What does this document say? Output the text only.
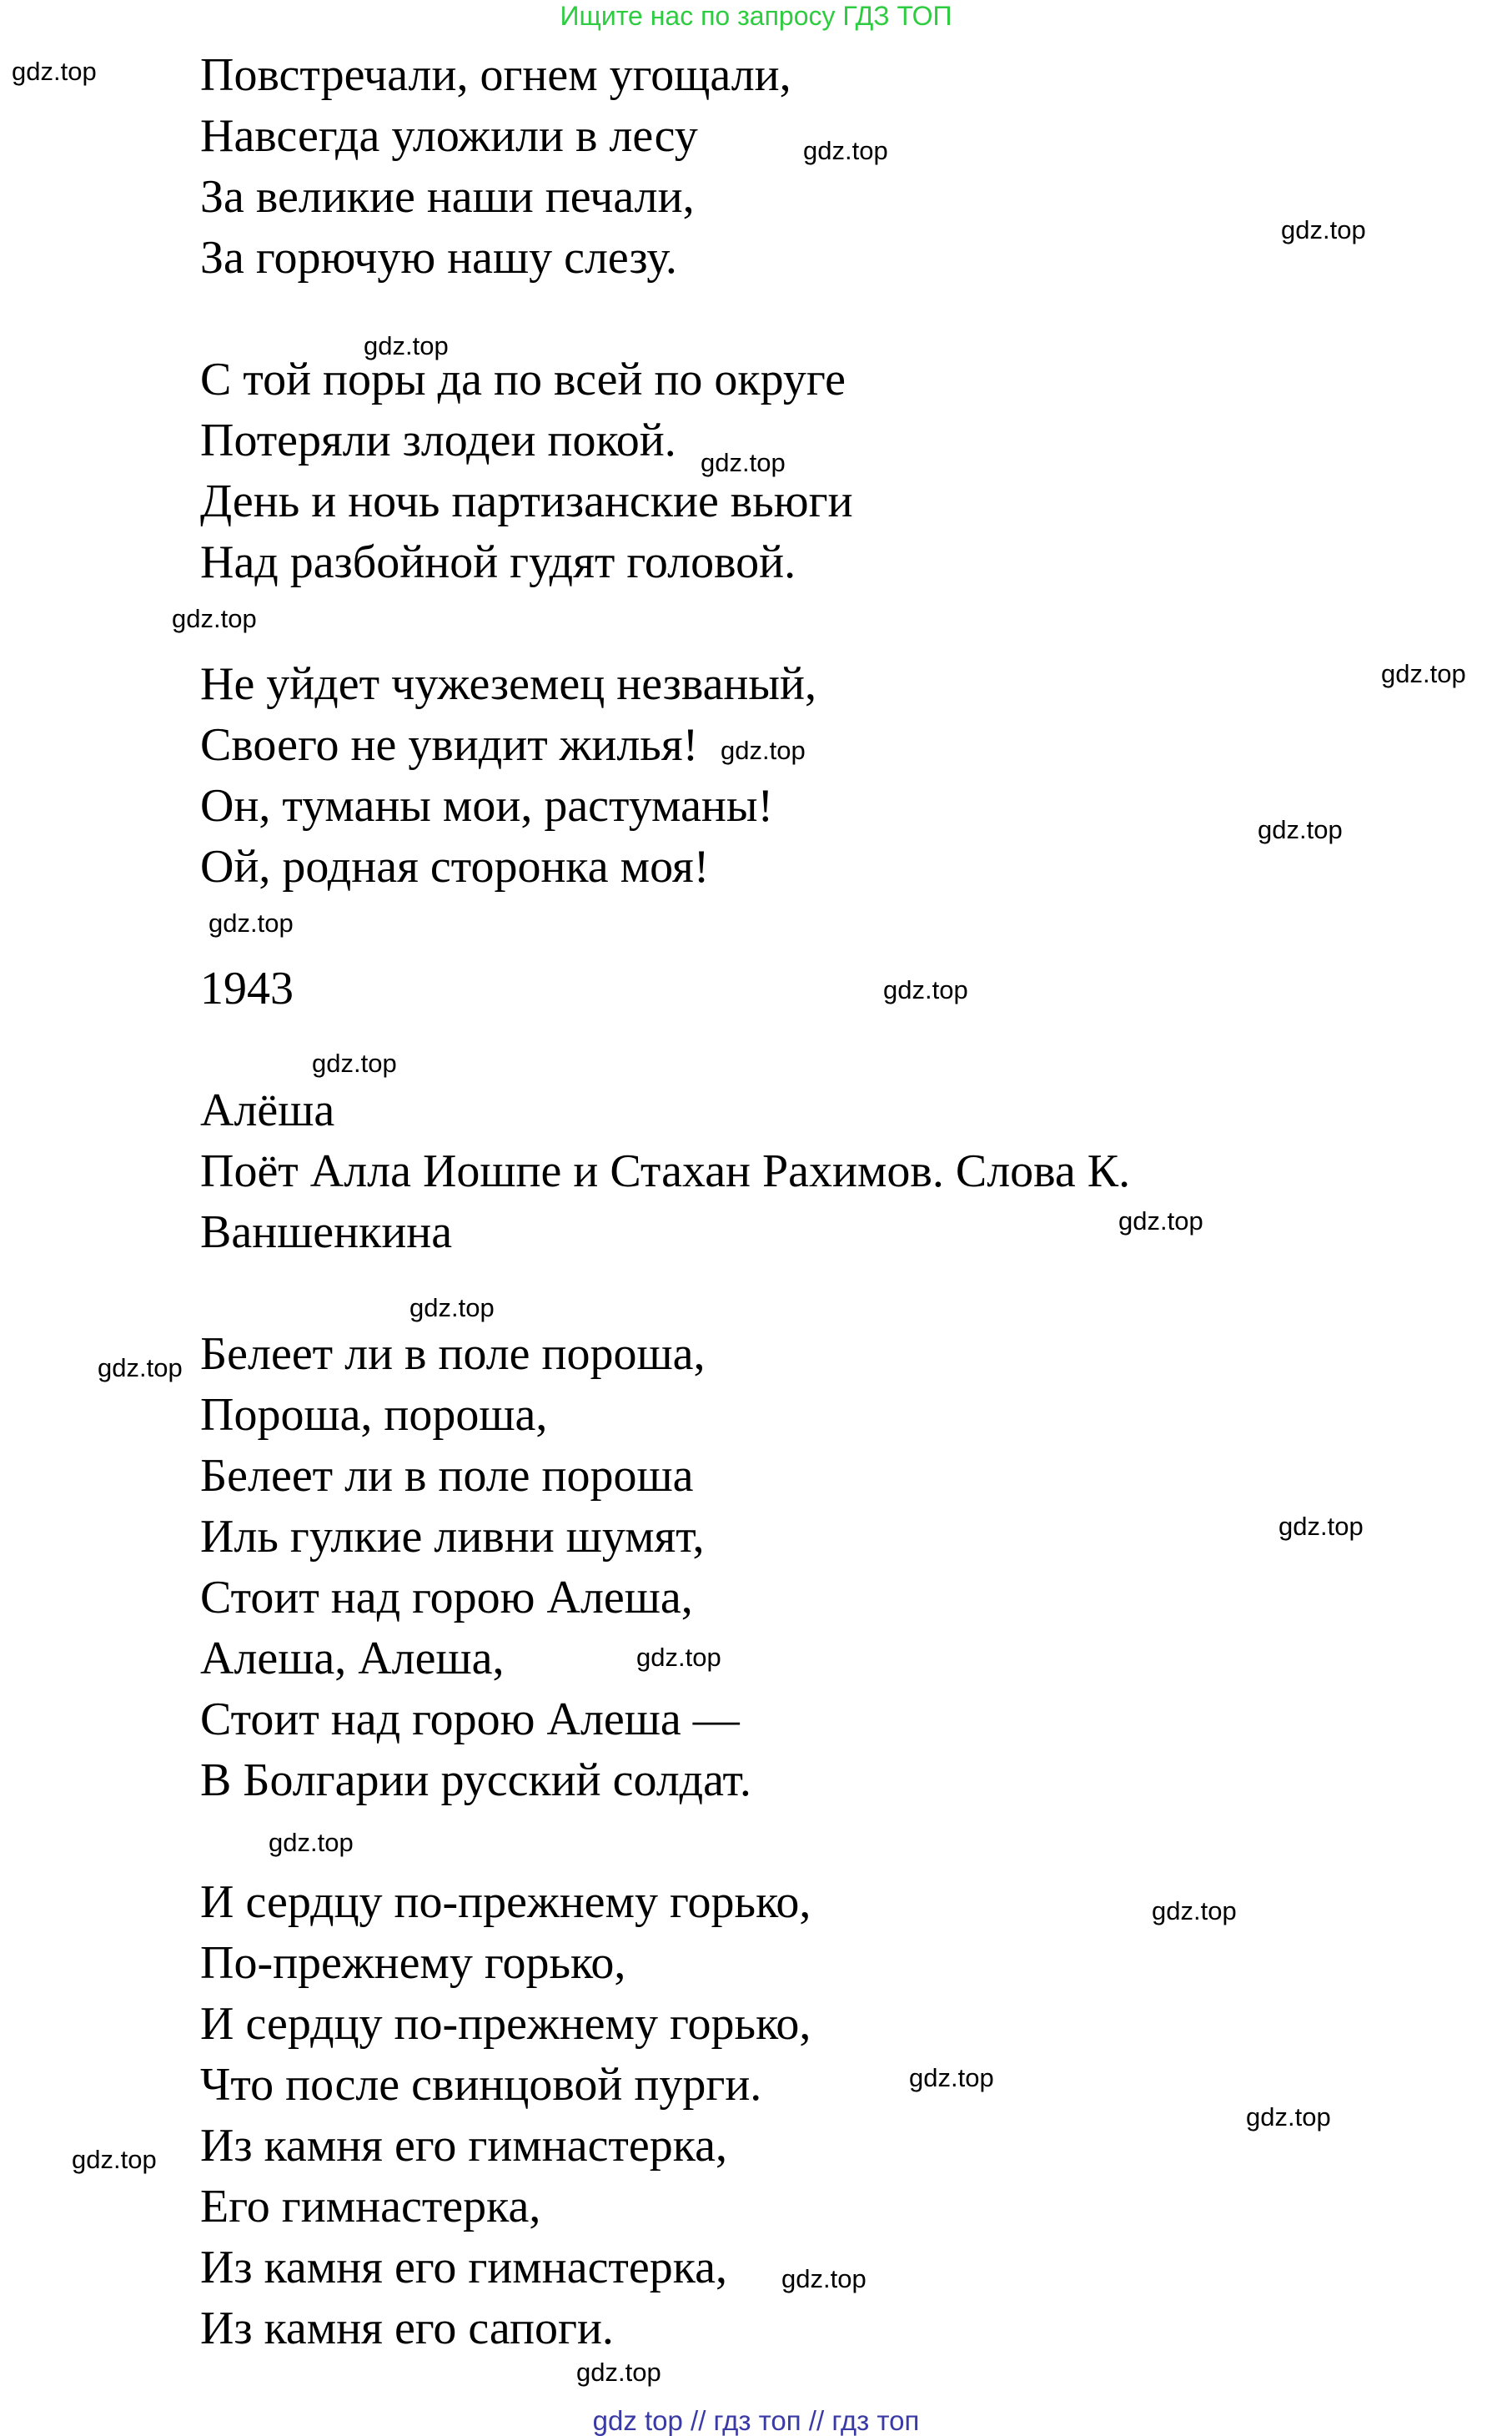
Ищите нас по запросу ГДЗ ТОП
Повстречали, огнем угощали,
Навсегда уложили в лесу
За великие наши печали,
За горючую нашу слезу.
С той поры да по всей по округе
Потеряли злодеи покой.
День и ночь партизанские вьюги
Над разбойной гудят головой.
Не уйдет чужеземец незваный,
Своего не увидит жилья!
Он, туманы мои, растуманы!
Ой, родная сторонка моя!
1943
Алёша
Поёт Алла Иошпе и Стахан Рахимов. Слова К.
Ваншенкина
Белеет ли в поле пороша,
Пороша, пороша,
Белеет ли в поле пороша
Иль гулкие ливни шумят,
Стоит над горою Алеша,
Алеша, Алеша,
Стоит над горою Алеша —
В Болгарии русский солдат.
И сердцу по-прежнему горько,
По-прежнему горько,
И сердцу по-прежнему горько,
Что после свинцовой пурги.
Из камня его гимнастерка,
Его гимнастерка,
Из камня его гимнастерка,
Из камня его сапоги.
gdz.top
gdz.top
gdz.top
gdz.top
gdz.top
gdz.top
gdz.top
gdz.top
gdz.top
gdz.top
gdz.top
gdz.top
gdz.top
gdz.top
gdz.top
gdz.top
gdz.top
gdz.top
gdz.top
gdz.top
gdz.top
gdz.top
gdz.top
gdz.top
gdz top // гдз топ // гдз топ
